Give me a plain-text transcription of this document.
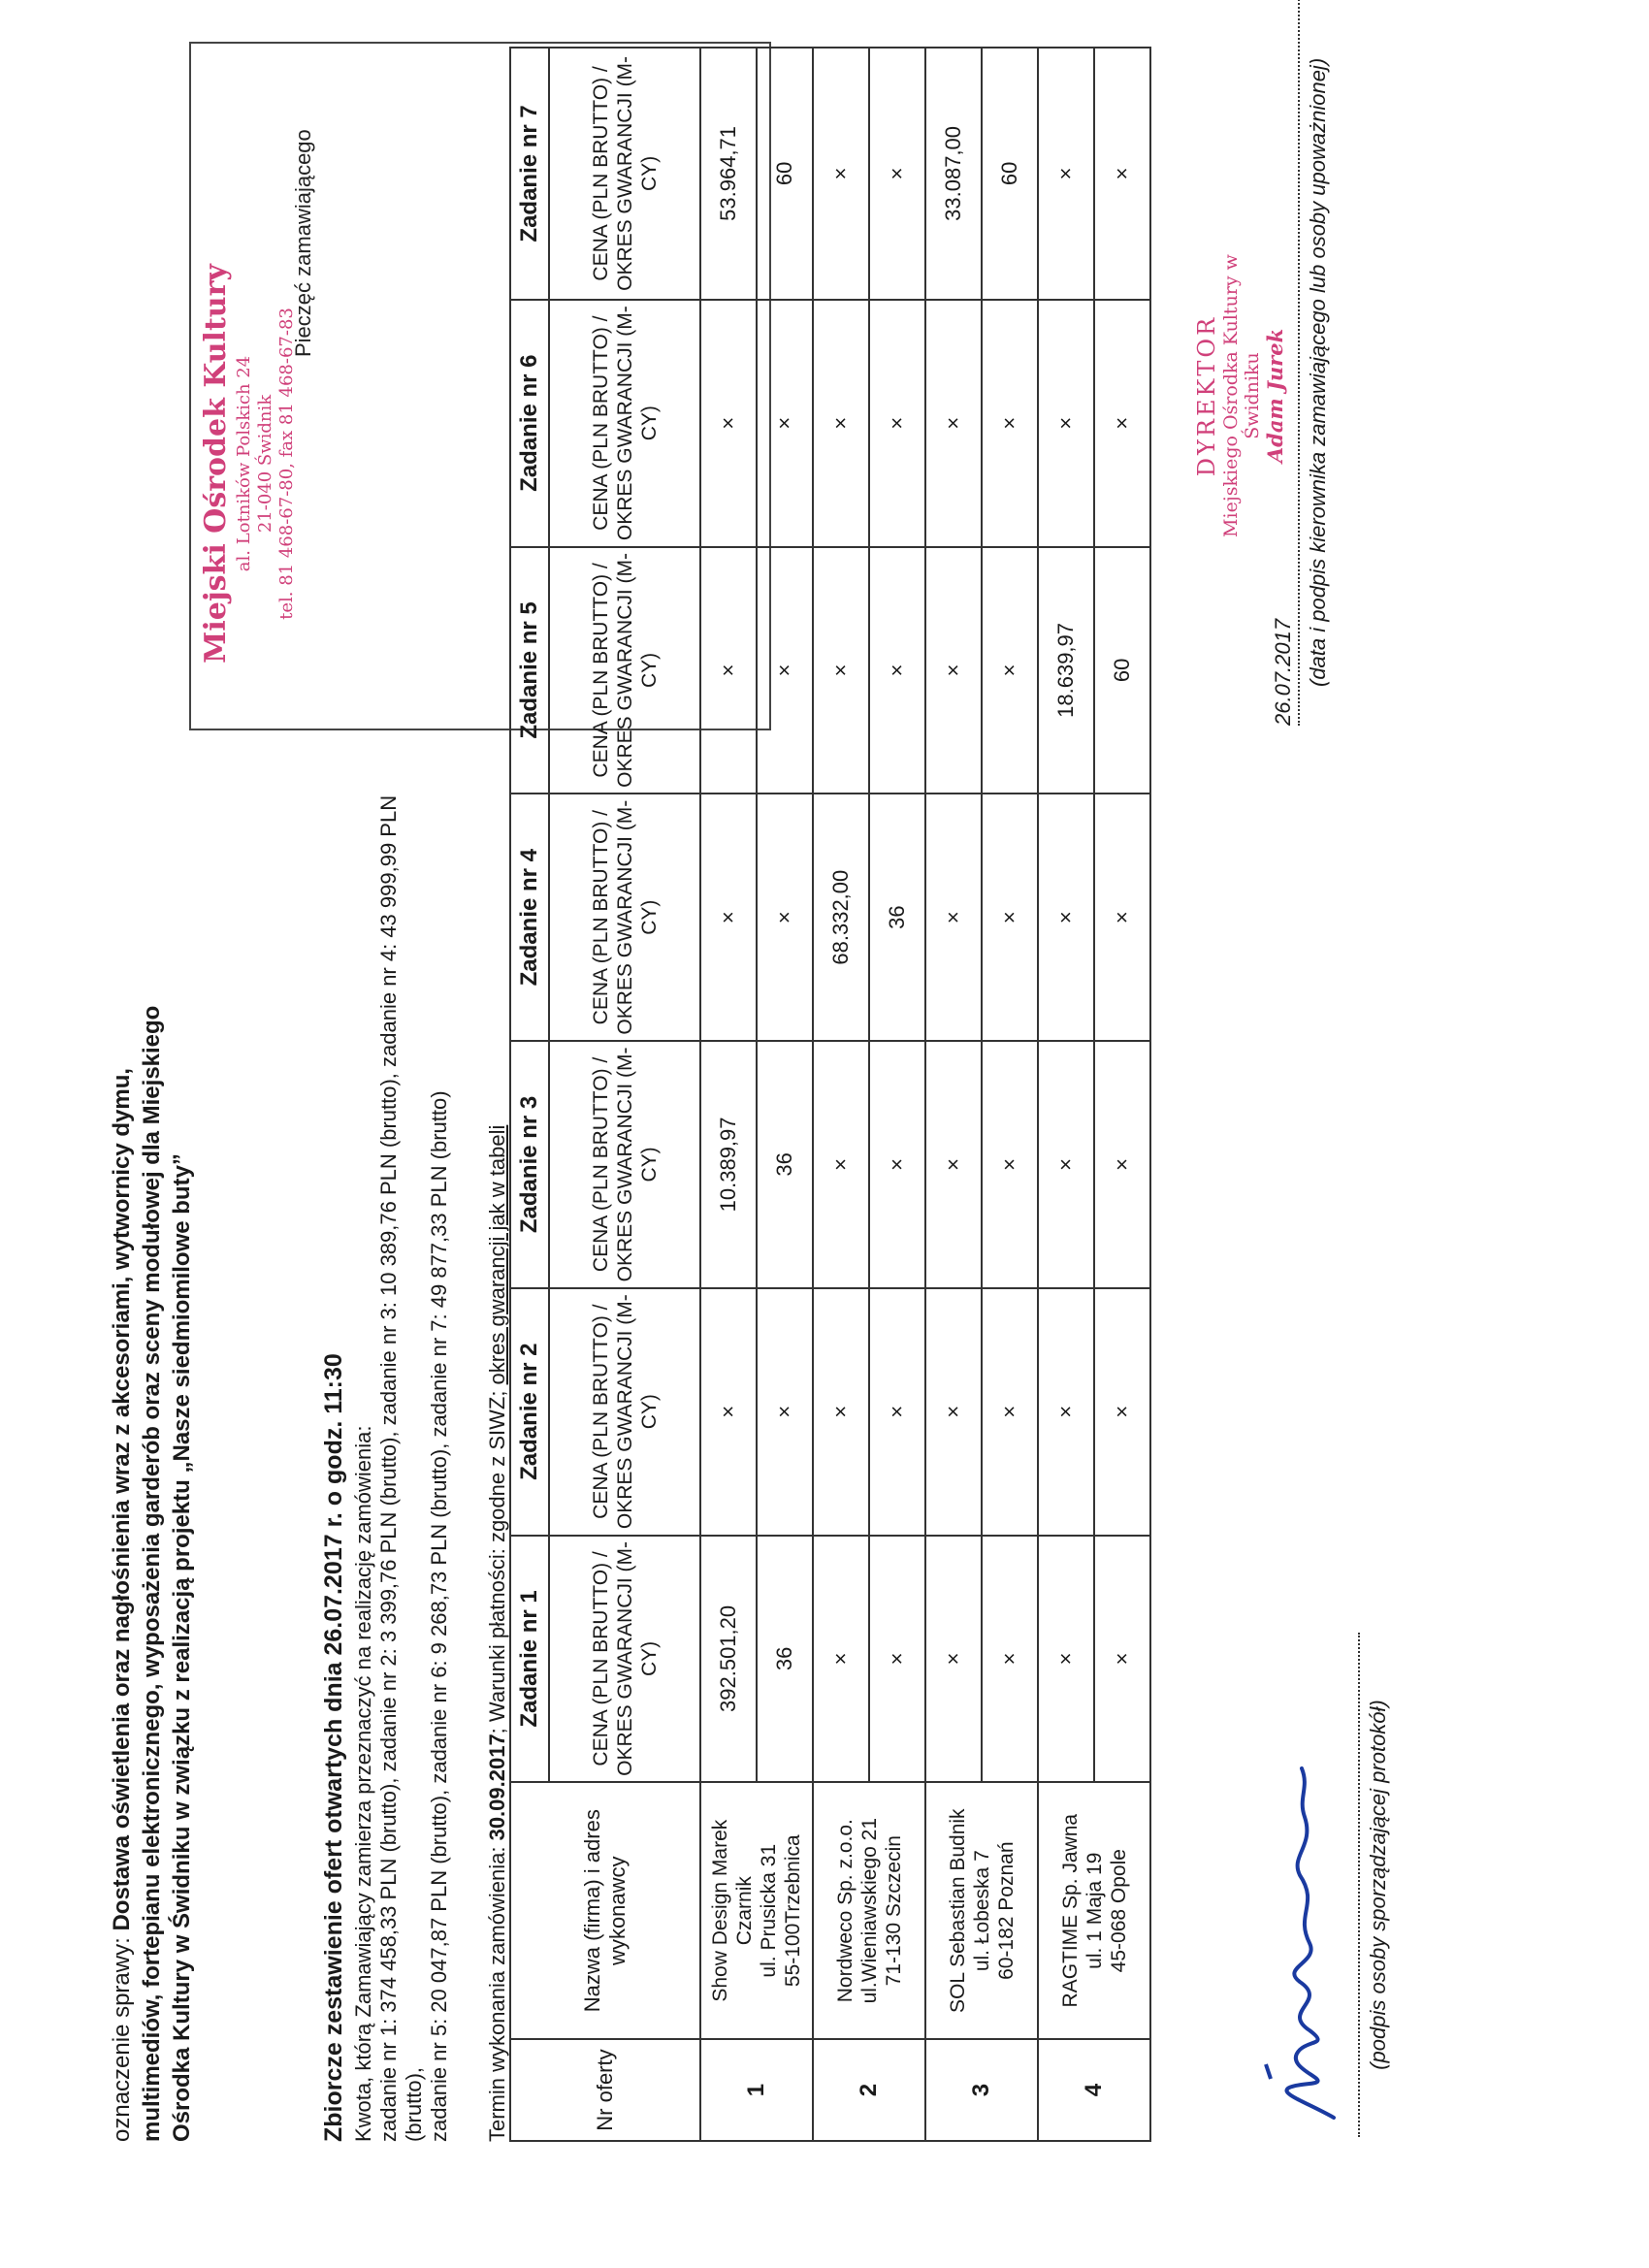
oznaczenie sprawy: Dostawa oświetlenia oraz nagłośnienia wraz z akcesoriami, wytwornicy dymu, multimediów, fortepianu elektronicznego, wyposażenia garderób oraz sceny modułowej dla Miejskiego Ośrodka Kultury w Świdniku w związku z realizacją projektu „Nasze siedmiomilowe buty”
Miejski Ośrodek Kultury al. Lotników Polskich 24 21-040 Świdnik tel. 81 468-67-80, fax 81 468-67-83
Pieczęć zamawiającego
Zbiorcze zestawienie ofert otwartych dnia 26.07.2017 r. o godz. 11:30 Kwota, którą Zamawiający zamierza przeznaczyć na realizację zamówienia: zadanie nr 1: 374 458,33 PLN (brutto), zadanie nr 2: 3 399,76 PLN (brutto), zadanie nr 3: 10 389,76 PLN (brutto), zadanie nr 4: 43 999,99 PLN (brutto), zadanie nr 5: 20 047,87 PLN (brutto), zadanie nr 6: 9 268,73 PLN (brutto), zadanie nr 7: 49 877,33 PLN (brutto) Termin wykonania zamówienia: 30.09.2017; Warunki płatności: zgodne z SIWZ; okres gwarancji jak w tabeli
Nr oferty	Nazwa (firma) i adres wykonawcy	Zadanie nr 1	Zadanie nr 2	Zadanie nr 3	Zadanie nr 4	Zadanie nr 5	Zadanie nr 6	Zadanie nr 7
		CENA (PLN BRUTTO) / OKRES GWARANCJI (M-CY)	CENA (PLN BRUTTO) / OKRES GWARANCJI (M-CY)	CENA (PLN BRUTTO) / OKRES GWARANCJI (M-CY)	CENA (PLN BRUTTO) / OKRES GWARANCJI (M-CY)	CENA (PLN BRUTTO) / OKRES GWARANCJI (M-CY)	CENA (PLN BRUTTO) / OKRES GWARANCJI (M-CY)	CENA (PLN BRUTTO) / OKRES GWARANCJI (M-CY)
1	Show Design Marek Czarnik ul. Prusicka 31 55-100Trzebnica	392.501,20	×	10.389,97	×	×	×	53.964,71
		36	×	36	×	×	×	60
2	Nordweco Sp. z.o.o. ul.Wieniawskiego 21 71-130 Szczecin	×	×	×	68.332,00	×	×	×
		×	×	×	36	×	×	×
3	SOL Sebastian Budnik ul. Łobeska 7 60-182 Poznań	×	×	×	×	×	×	33.087,00
		×	×	×	×	×	×	60
4	RAGTIME Sp. Jawna ul. 1 Maja 19 45-068 Opole	×	×	×	×	18.639,97	×	×
		×	×	×	×	60	×	×
(podpis osoby sporządzającej protokół)
DYREKTOR Miejskiego Ośrodka Kultury w Świdniku Adam Jurek
26.07.2017 (data i podpis kierownika zamawiającego lub osoby upoważnionej)
